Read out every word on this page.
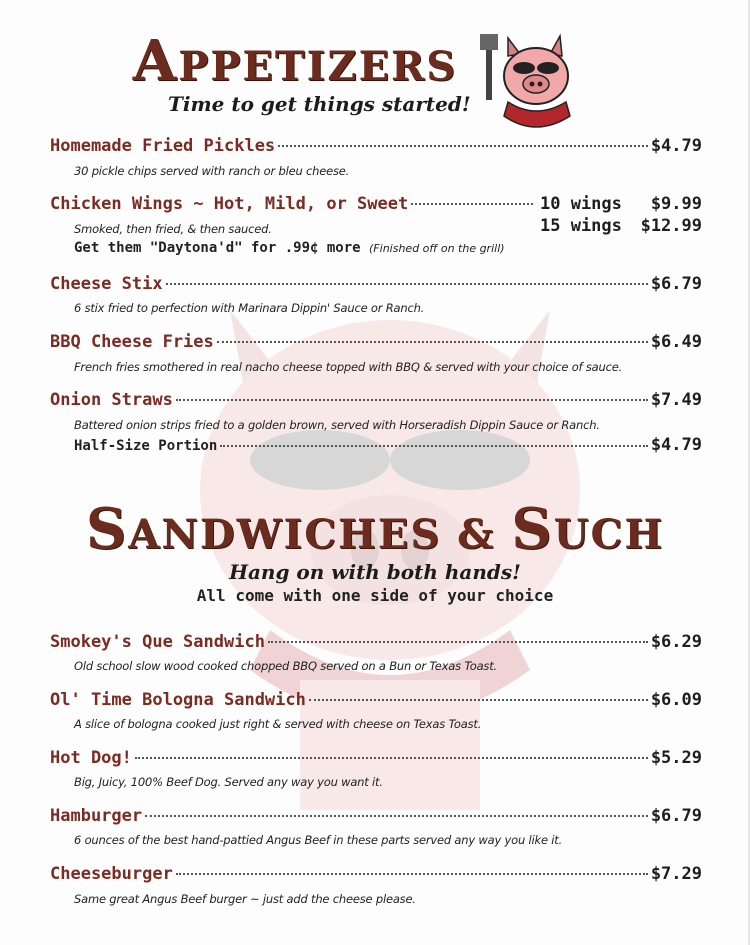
APPETIZERS
Time to get things started!
Homemade Fried Pickles	$4.79
30 pickle chips served with ranch or bleu cheese.
Chicken Wings ~ Hot, Mild, or Sweet	10 wings $9.99
15 wings $12.99
Smoked, then fried, & then sauced.
Get them "Daytona'd" for .99¢ more (Finished off on the grill)
Cheese Stix	$6.79
6 stix fried to perfection with Marinara Dippin' Sauce or Ranch.
BBQ Cheese Fries	$6.49
French fries smothered in real nacho cheese topped with BBQ & served with your choice of sauce.
Onion Straws	$7.49
Battered onion strips fried to a golden brown, served with Horseradish Dippin Sauce or Ranch.
Half-Size Portion	$4.79
SANDWICHES & SUCH
Hang on with both hands!
All come with one side of your choice
Smokey's Que Sandwich	$6.29
Old school slow wood cooked chopped BBQ served on a Bun or Texas Toast.
Ol' Time Bologna Sandwich	$6.09
A slice of bologna cooked just right & served with cheese on Texas Toast.
Hot Dog!	$5.29
Big, Juicy, 100% Beef Dog. Served any way you want it.
Hamburger	$6.79
6 ounces of the best hand-pattied Angus Beef in these parts served any way you like it.
Cheeseburger	$7.29
Same great Angus Beef burger ~ just add the cheese please.
